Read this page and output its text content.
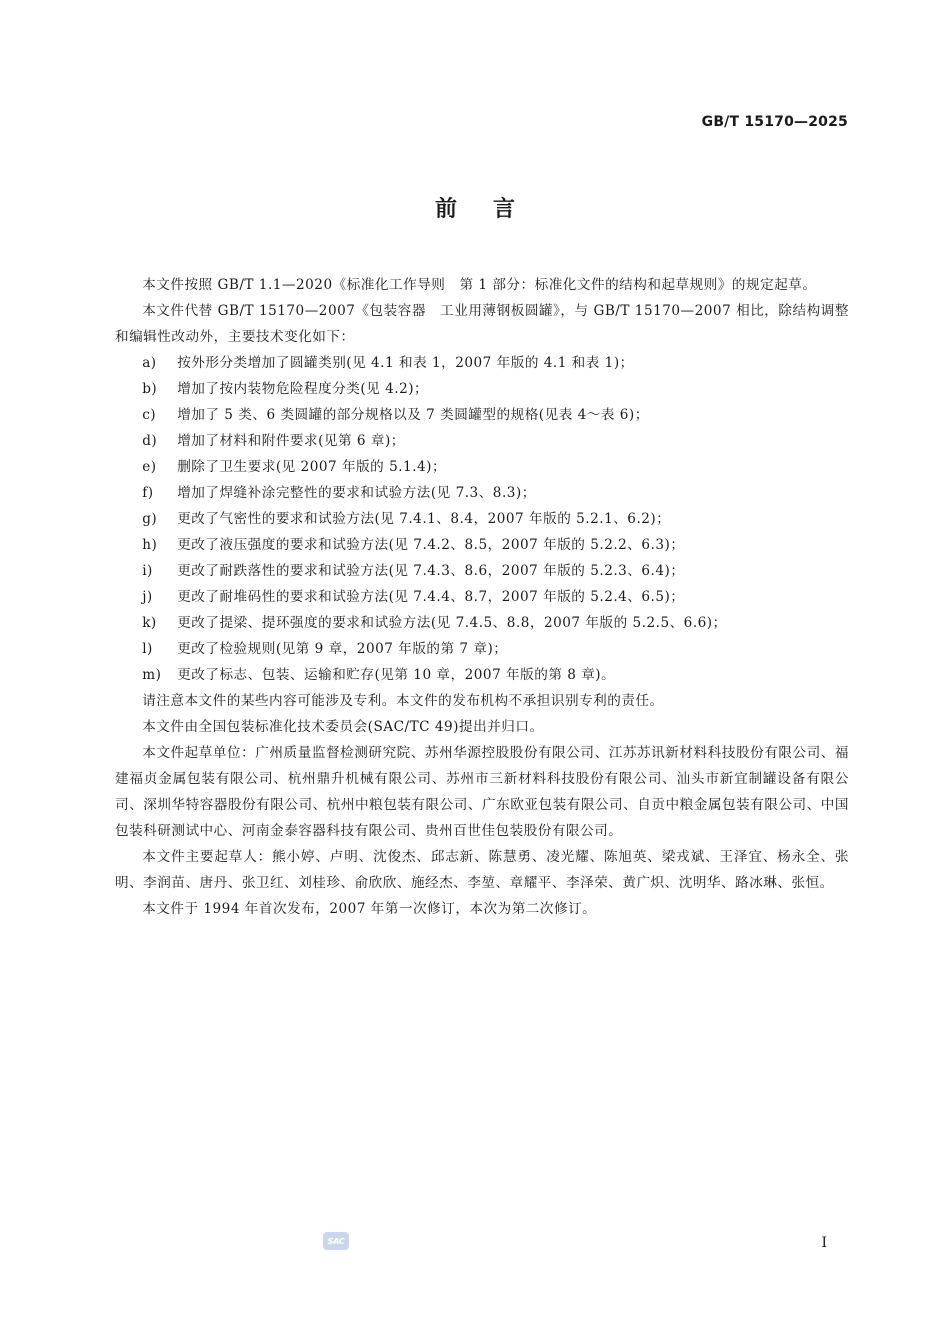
GB/T 15170—2025
前言

本文件按照 GB/T 1.1—2020《标准化工作导则　第 1 部分：标准化文件的结构和起草规则》的规定起草。

本文件代替 GB/T 15170—2007《包装容器　工业用薄钢板圆罐》，与 GB/T 15170—2007 相比，除结构调整和编辑性改动外，主要技术变化如下：

a) 按外形分类增加了圆罐类别(见 4.1 和表 1，2007 年版的 4.1 和表 1)；

b) 增加了按内装物危险程度分类(见 4.2)；

c) 增加了 5 类、6 类圆罐的部分规格以及 7 类圆罐型的规格(见表 4～表 6)；

d) 增加了材料和附件要求(见第 6 章)；

e) 删除了卫生要求(见 2007 年版的 5.1.4)；

f) 增加了焊缝补涂完整性的要求和试验方法(见 7.3、8.3)；

g) 更改了气密性的要求和试验方法(见 7.4.1、8.4，2007 年版的 5.2.1、6.2)；

h) 更改了液压强度的要求和试验方法(见 7.4.2、8.5，2007 年版的 5.2.2、6.3)；

i) 更改了耐跌落性的要求和试验方法(见 7.4.3、8.6，2007 年版的 5.2.3、6.4)；

j) 更改了耐堆码性的要求和试验方法(见 7.4.4、8.7，2007 年版的 5.2.4、6.5)；

k) 更改了提梁、提环强度的要求和试验方法(见 7.4.5、8.8，2007 年版的 5.2.5、6.6)；

l) 更改了检验规则(见第 9 章，2007 年版的第 7 章)；

m) 更改了标志、包装、运输和贮存(见第 10 章，2007 年版的第 8 章)。

请注意本文件的某些内容可能涉及专利。本文件的发布机构不承担识别专利的责任。

本文件由全国包装标准化技术委员会(SAC/TC 49)提出并归口。

本文件起草单位：广州质量监督检测研究院、苏州华源控股股份有限公司、江苏苏讯新材料科技股份有限公司、福建福贞金属包装有限公司、杭州鼎升机械有限公司、苏州市三新材料科技股份有限公司、汕头市新宜制罐设备有限公司、深圳华特容器股份有限公司、杭州中粮包装有限公司、广东欧亚包装有限公司、自贡中粮金属包装有限公司、中国包装科研测试中心、河南金泰容器科技有限公司、贵州百世佳包装股份有限公司。

本文件主要起草人：熊小婷、卢明、沈俊杰、邱志新、陈慧勇、凌光耀、陈旭英、梁戎斌、王泽宜、杨永全、张明、李润苗、唐丹、张卫红、刘桂珍、俞欣欣、施经杰、李堃、章耀平、李泽荣、黄广炽、沈明华、路冰琳、张恒。

本文件于 1994 年首次发布，2007 年第一次修订，本次为第二次修订。

SAC	I
